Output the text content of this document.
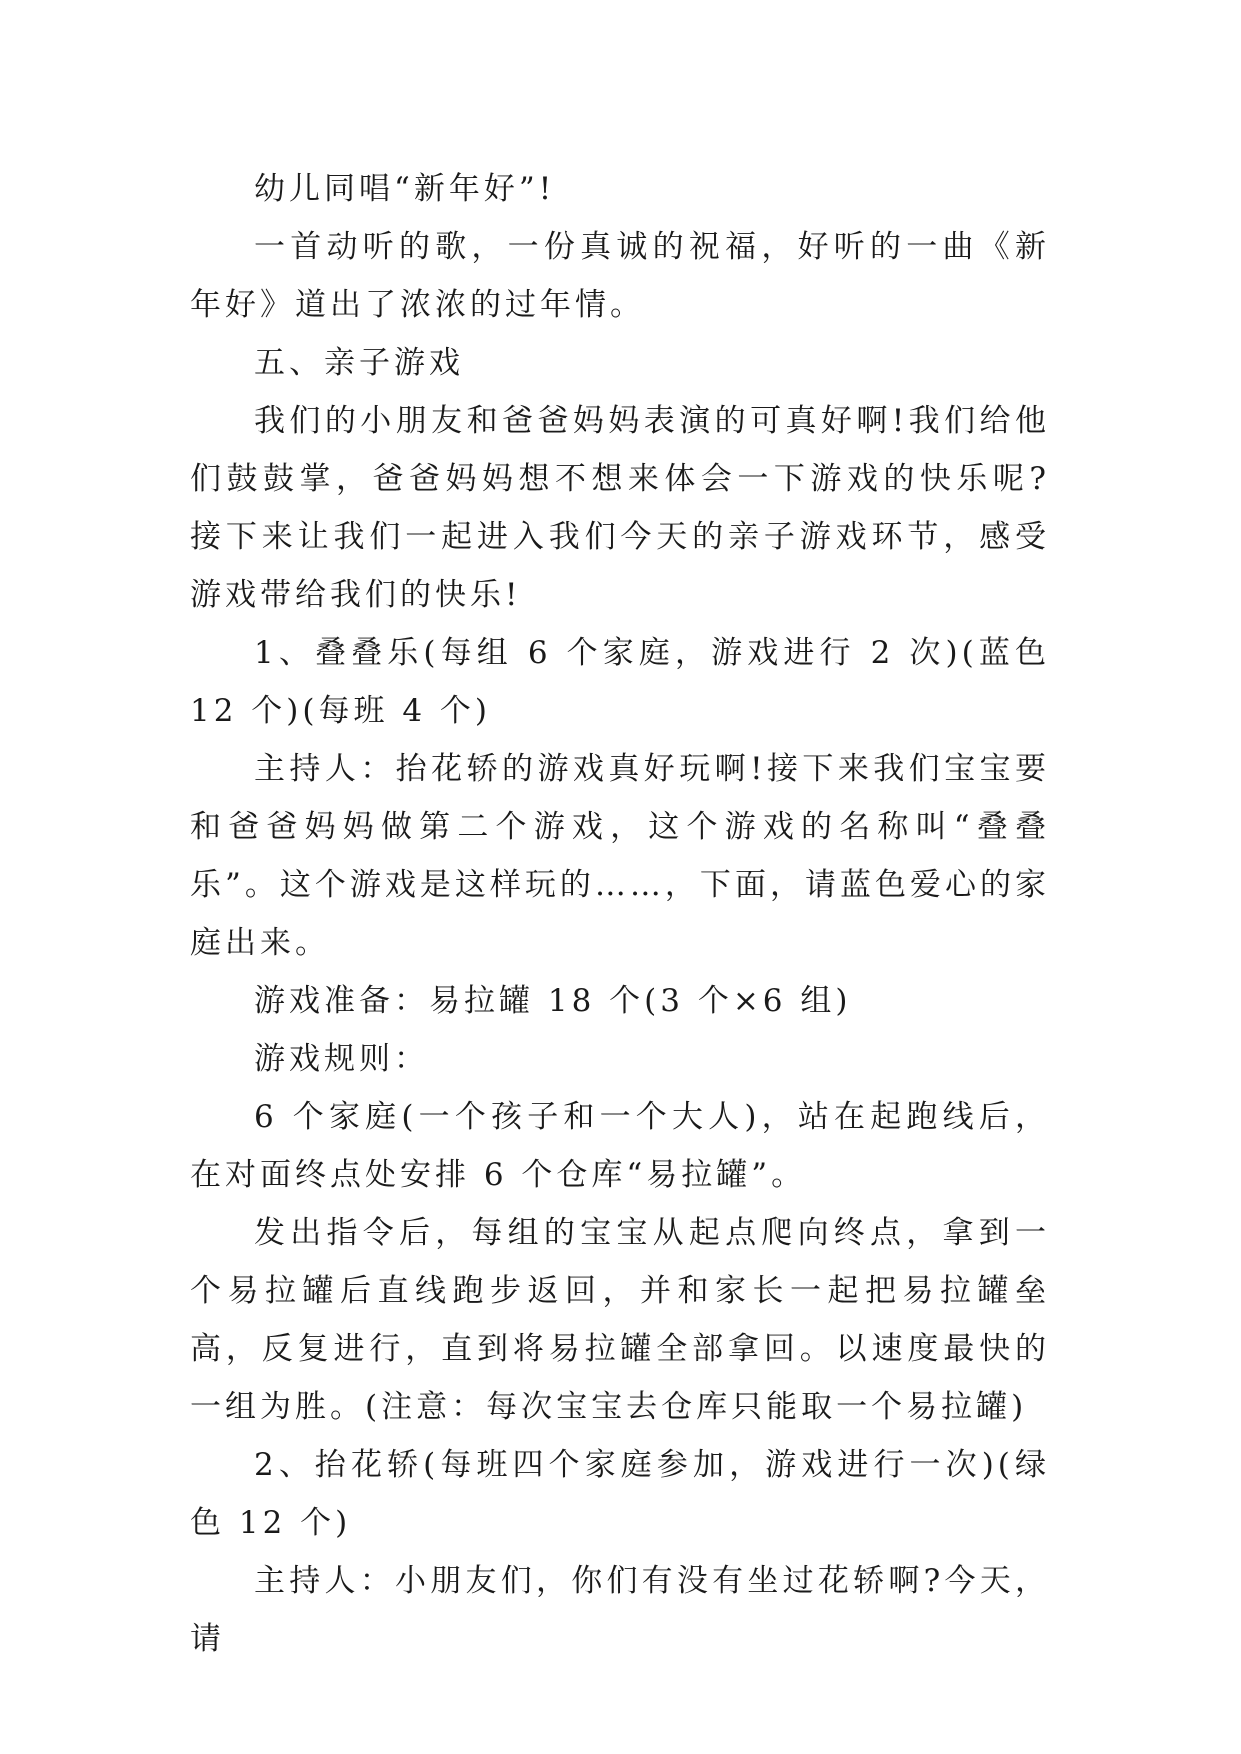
幼儿同唱“新年好”!

一首动听的歌，一份真诚的祝福，好听的一曲《新年好》道出了浓浓的过年情。

五、亲子游戏

我们的小朋友和爸爸妈妈表演的可真好啊!我们给他们鼓鼓掌，爸爸妈妈想不想来体会一下游戏的快乐呢?接下来让我们一起进入我们今天的亲子游戏环节，感受游戏带给我们的快乐!

1、叠叠乐(每组 6 个家庭，游戏进行 2 次)(蓝色 12 个)(每班 4 个)

主持人：抬花轿的游戏真好玩啊!接下来我们宝宝要和爸爸妈妈做第二个游戏，这个游戏的名称叫“叠叠乐”。这个游戏是这样玩的……，下面，请蓝色爱心的家庭出来。

游戏准备：易拉罐 18 个(3 个×6 组)

游戏规则：

6 个家庭(一个孩子和一个大人)，站在起跑线后，在对面终点处安排 6 个仓库“易拉罐”。

发出指令后，每组的宝宝从起点爬向终点，拿到一个易拉罐后直线跑步返回，并和家长一起把易拉罐垒高，反复进行，直到将易拉罐全部拿回。以速度最快的一组为胜。(注意：每次宝宝去仓库只能取一个易拉罐)

2、抬花轿(每班四个家庭参加，游戏进行一次)(绿色 12 个)

主持人：小朋友们，你们有没有坐过花轿啊?今天，请
